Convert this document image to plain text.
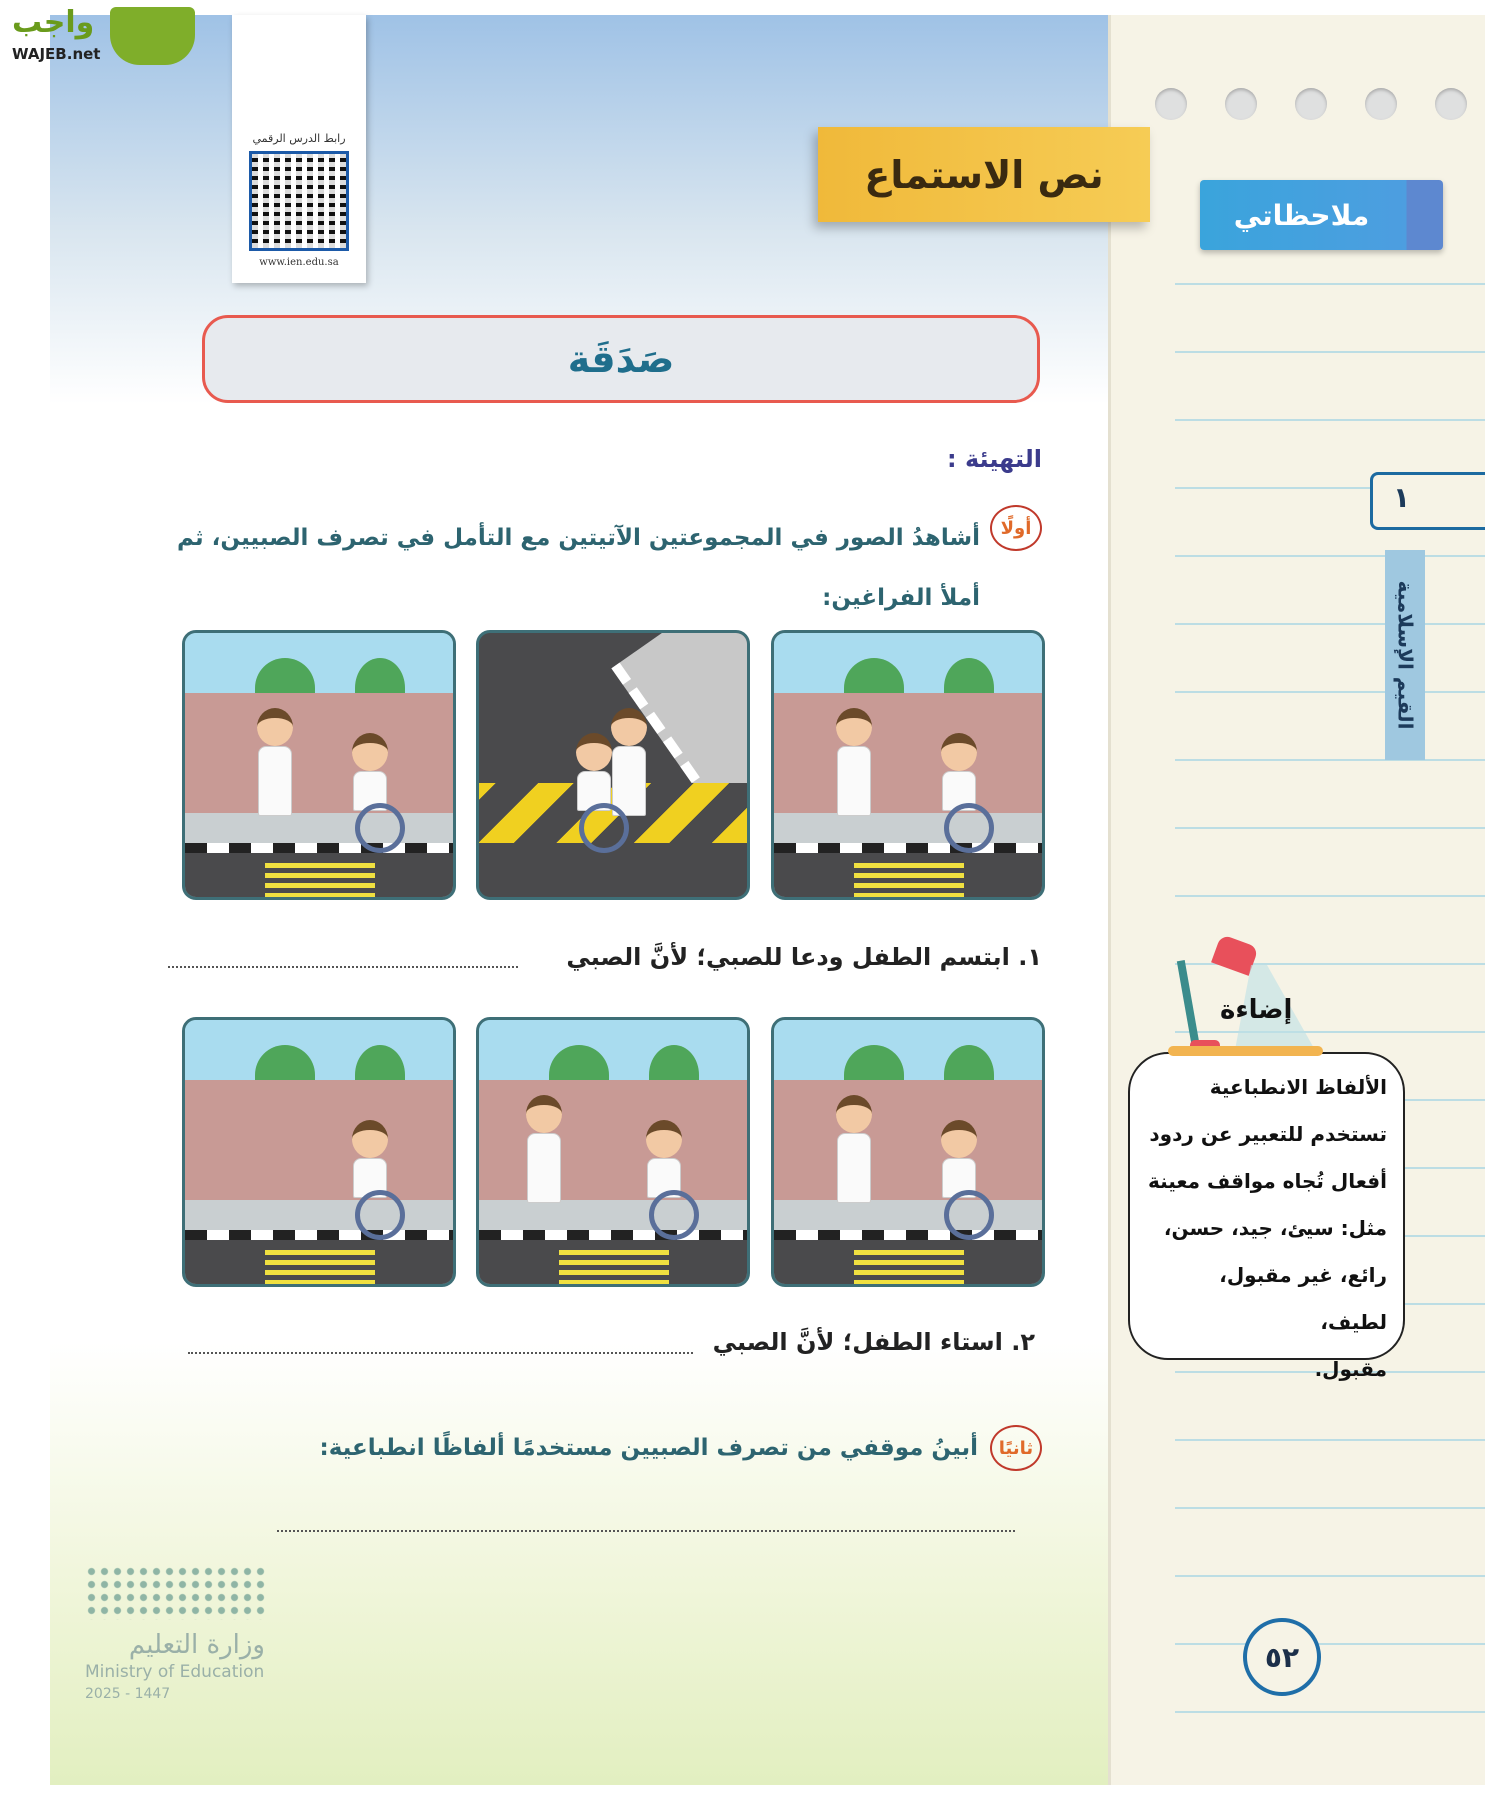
واجب
WAJEB.net
رابط الدرس الرقمي
www.ien.edu.sa
نص الاستماع
ملاحظاتي
١
القيم الإسلامية
صَدَقَة
التهيئة :
أولًا
أشاهدُ الصور في المجموعتين الآتيتين مع التأمل في تصرف الصبيين، ثم أملأ الفراغين:
١. ابتسم الطفل ودعا للصبي؛ لأنَّ الصبي
٢. استاء الطفل؛ لأنَّ الصبي
ثانيًا
أبينُ موقفي من تصرف الصبيين مستخدمًا ألفاظًا انطباعية:
إضاءة
الألفاظ الانطباعية
تستخدم للتعبير عن ردود
أفعال تُجاه مواقف معينة
مثل: سيئ، جيد، حسن،
رائع، غير مقبول، لطيف،
مقبول.
وزارة التعليم
Ministry of Education
2025 - 1447
٥٢
